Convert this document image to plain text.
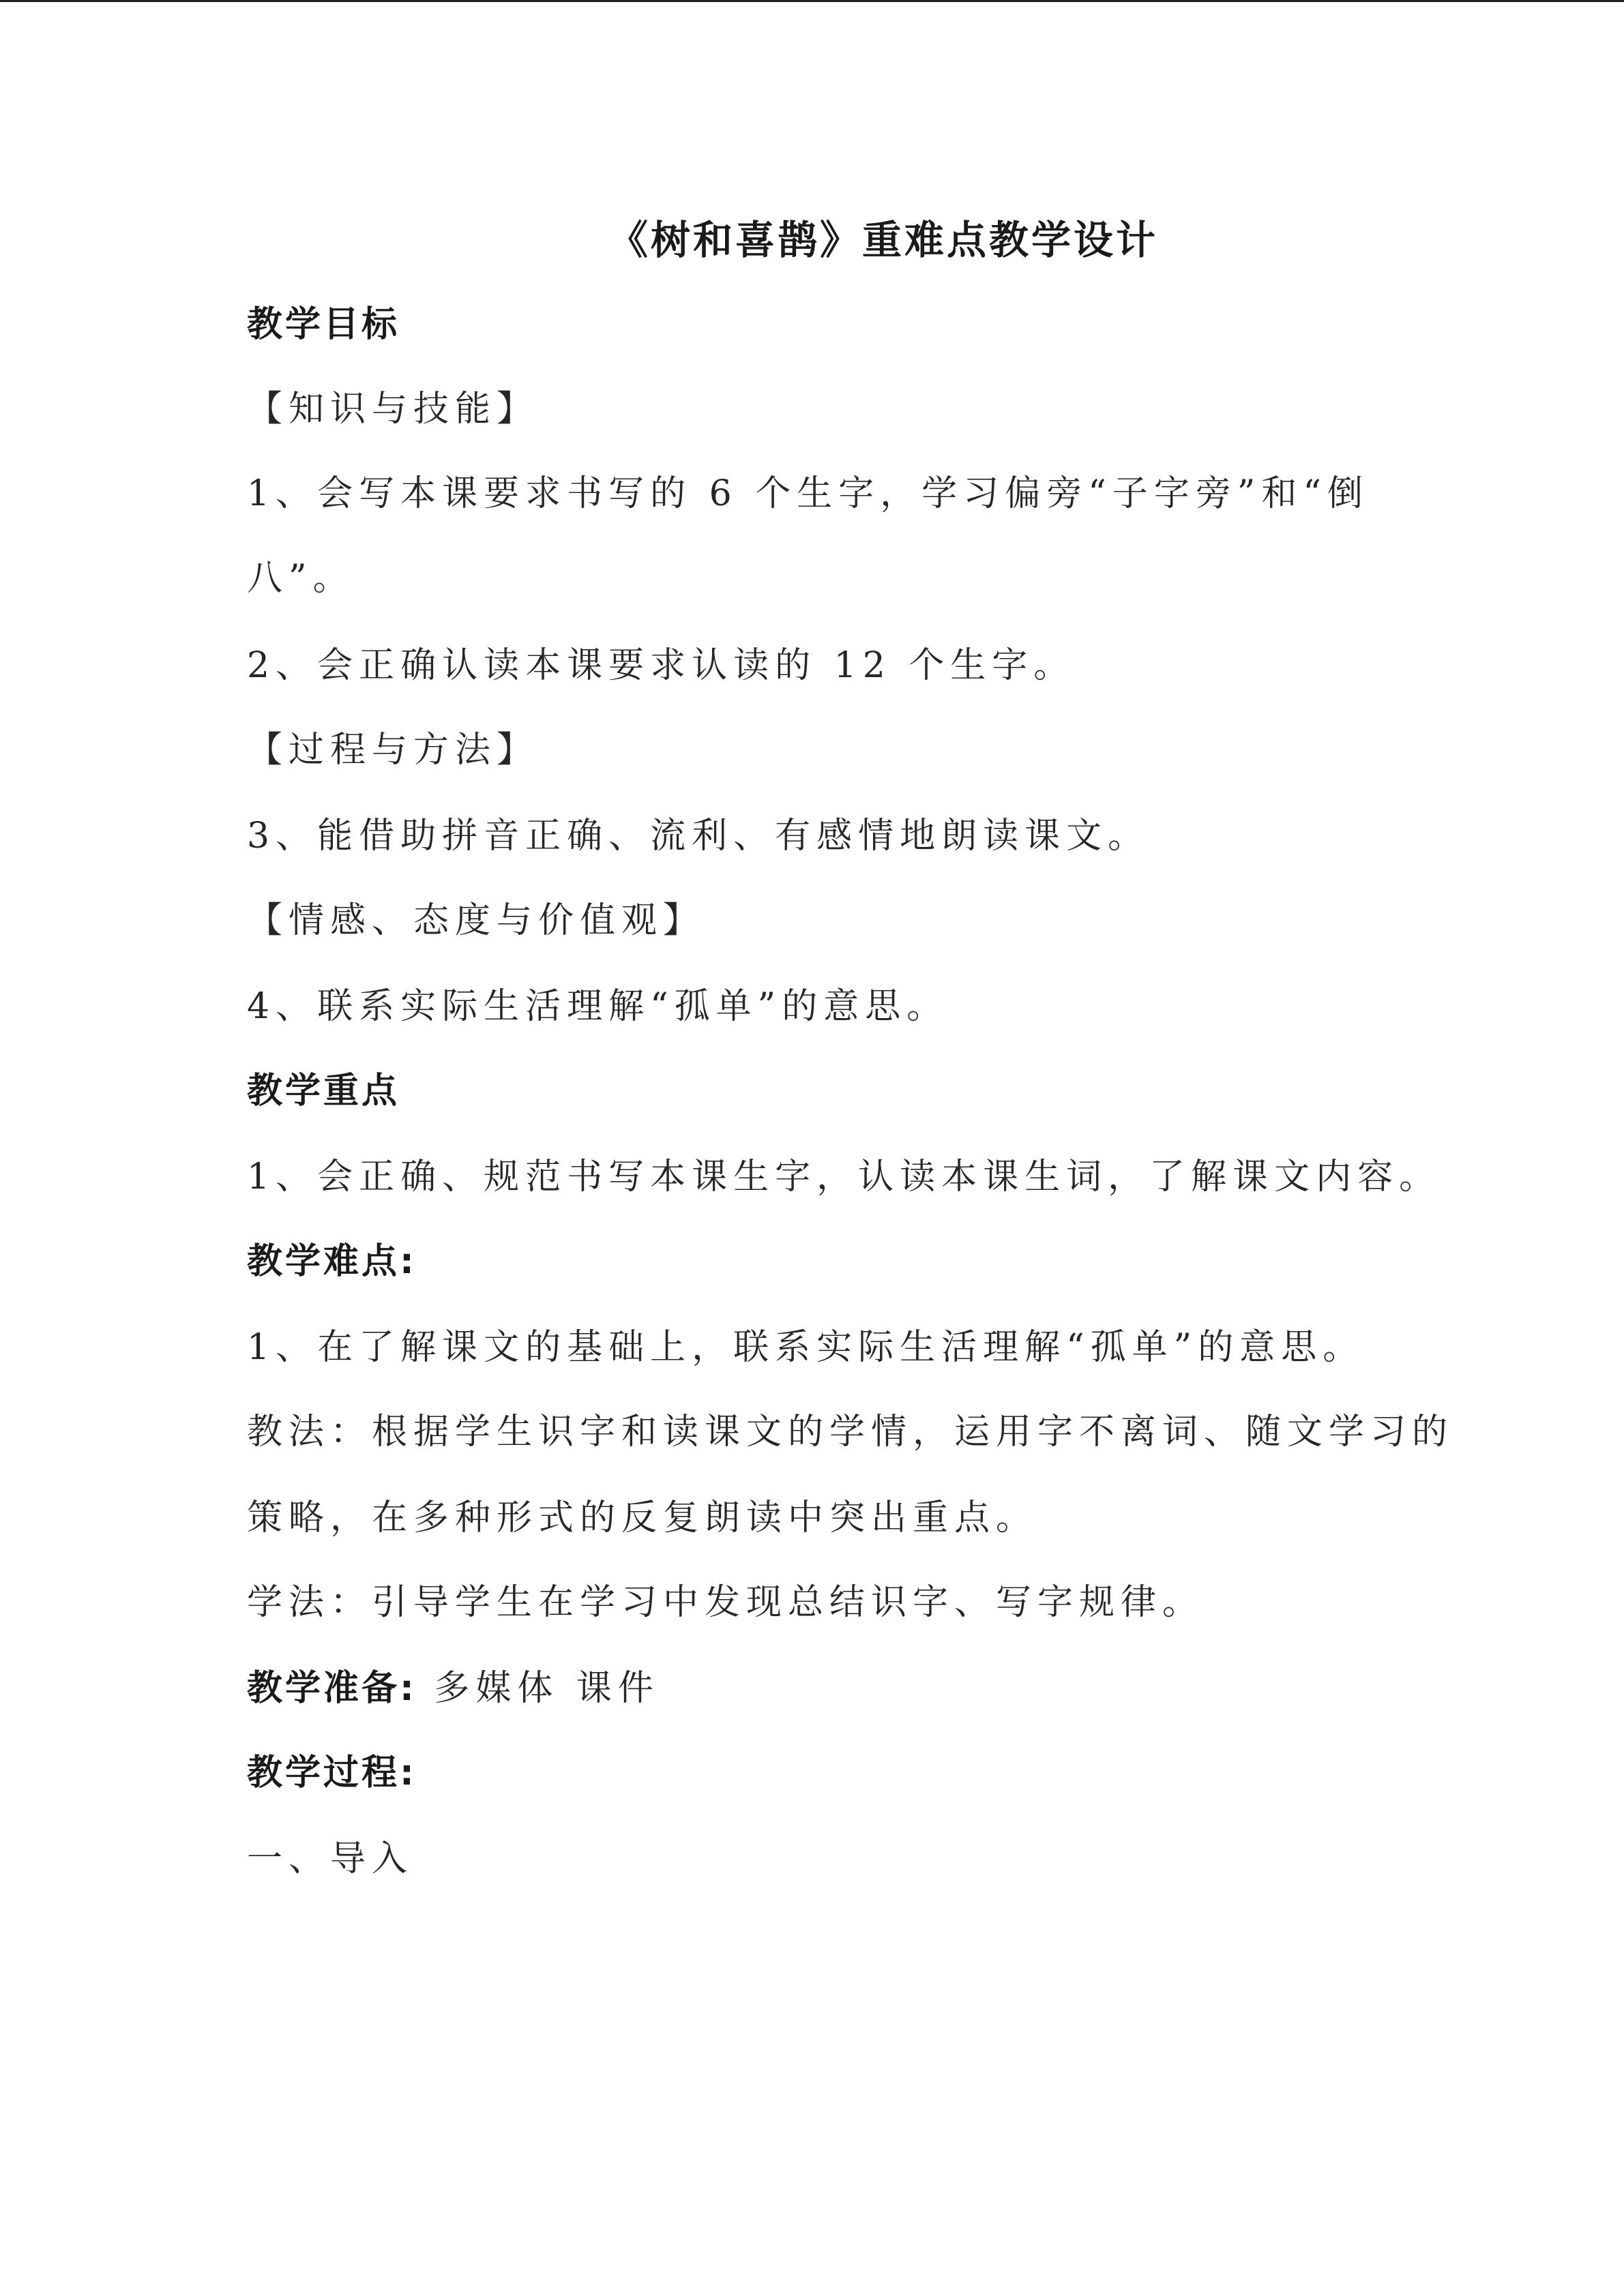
《树和喜鹊》重难点教学设计
教学目标
【知识与技能】
1、会写本课要求书写的 6 个生字，学习偏旁“子字旁”和“倒
八”。
2、会正确认读本课要求认读的 12 个生字。
【过程与方法】
3、能借助拼音正确、流利、有感情地朗读课文。
【情感、态度与价值观】
4、联系实际生活理解“孤单”的意思。
教学重点
1、会正确、规范书写本课生字，认读本课生词，了解课文内容。
教学难点:
1、在了解课文的基础上，联系实际生活理解“孤单”的意思。
教法：根据学生识字和读课文的学情，运用字不离词、随文学习的
策略，在多种形式的反复朗读中突出重点。
学法：引导学生在学习中发现总结识字、写字规律。
教学准备: 多媒体 课件
教学过程:
一、导入
